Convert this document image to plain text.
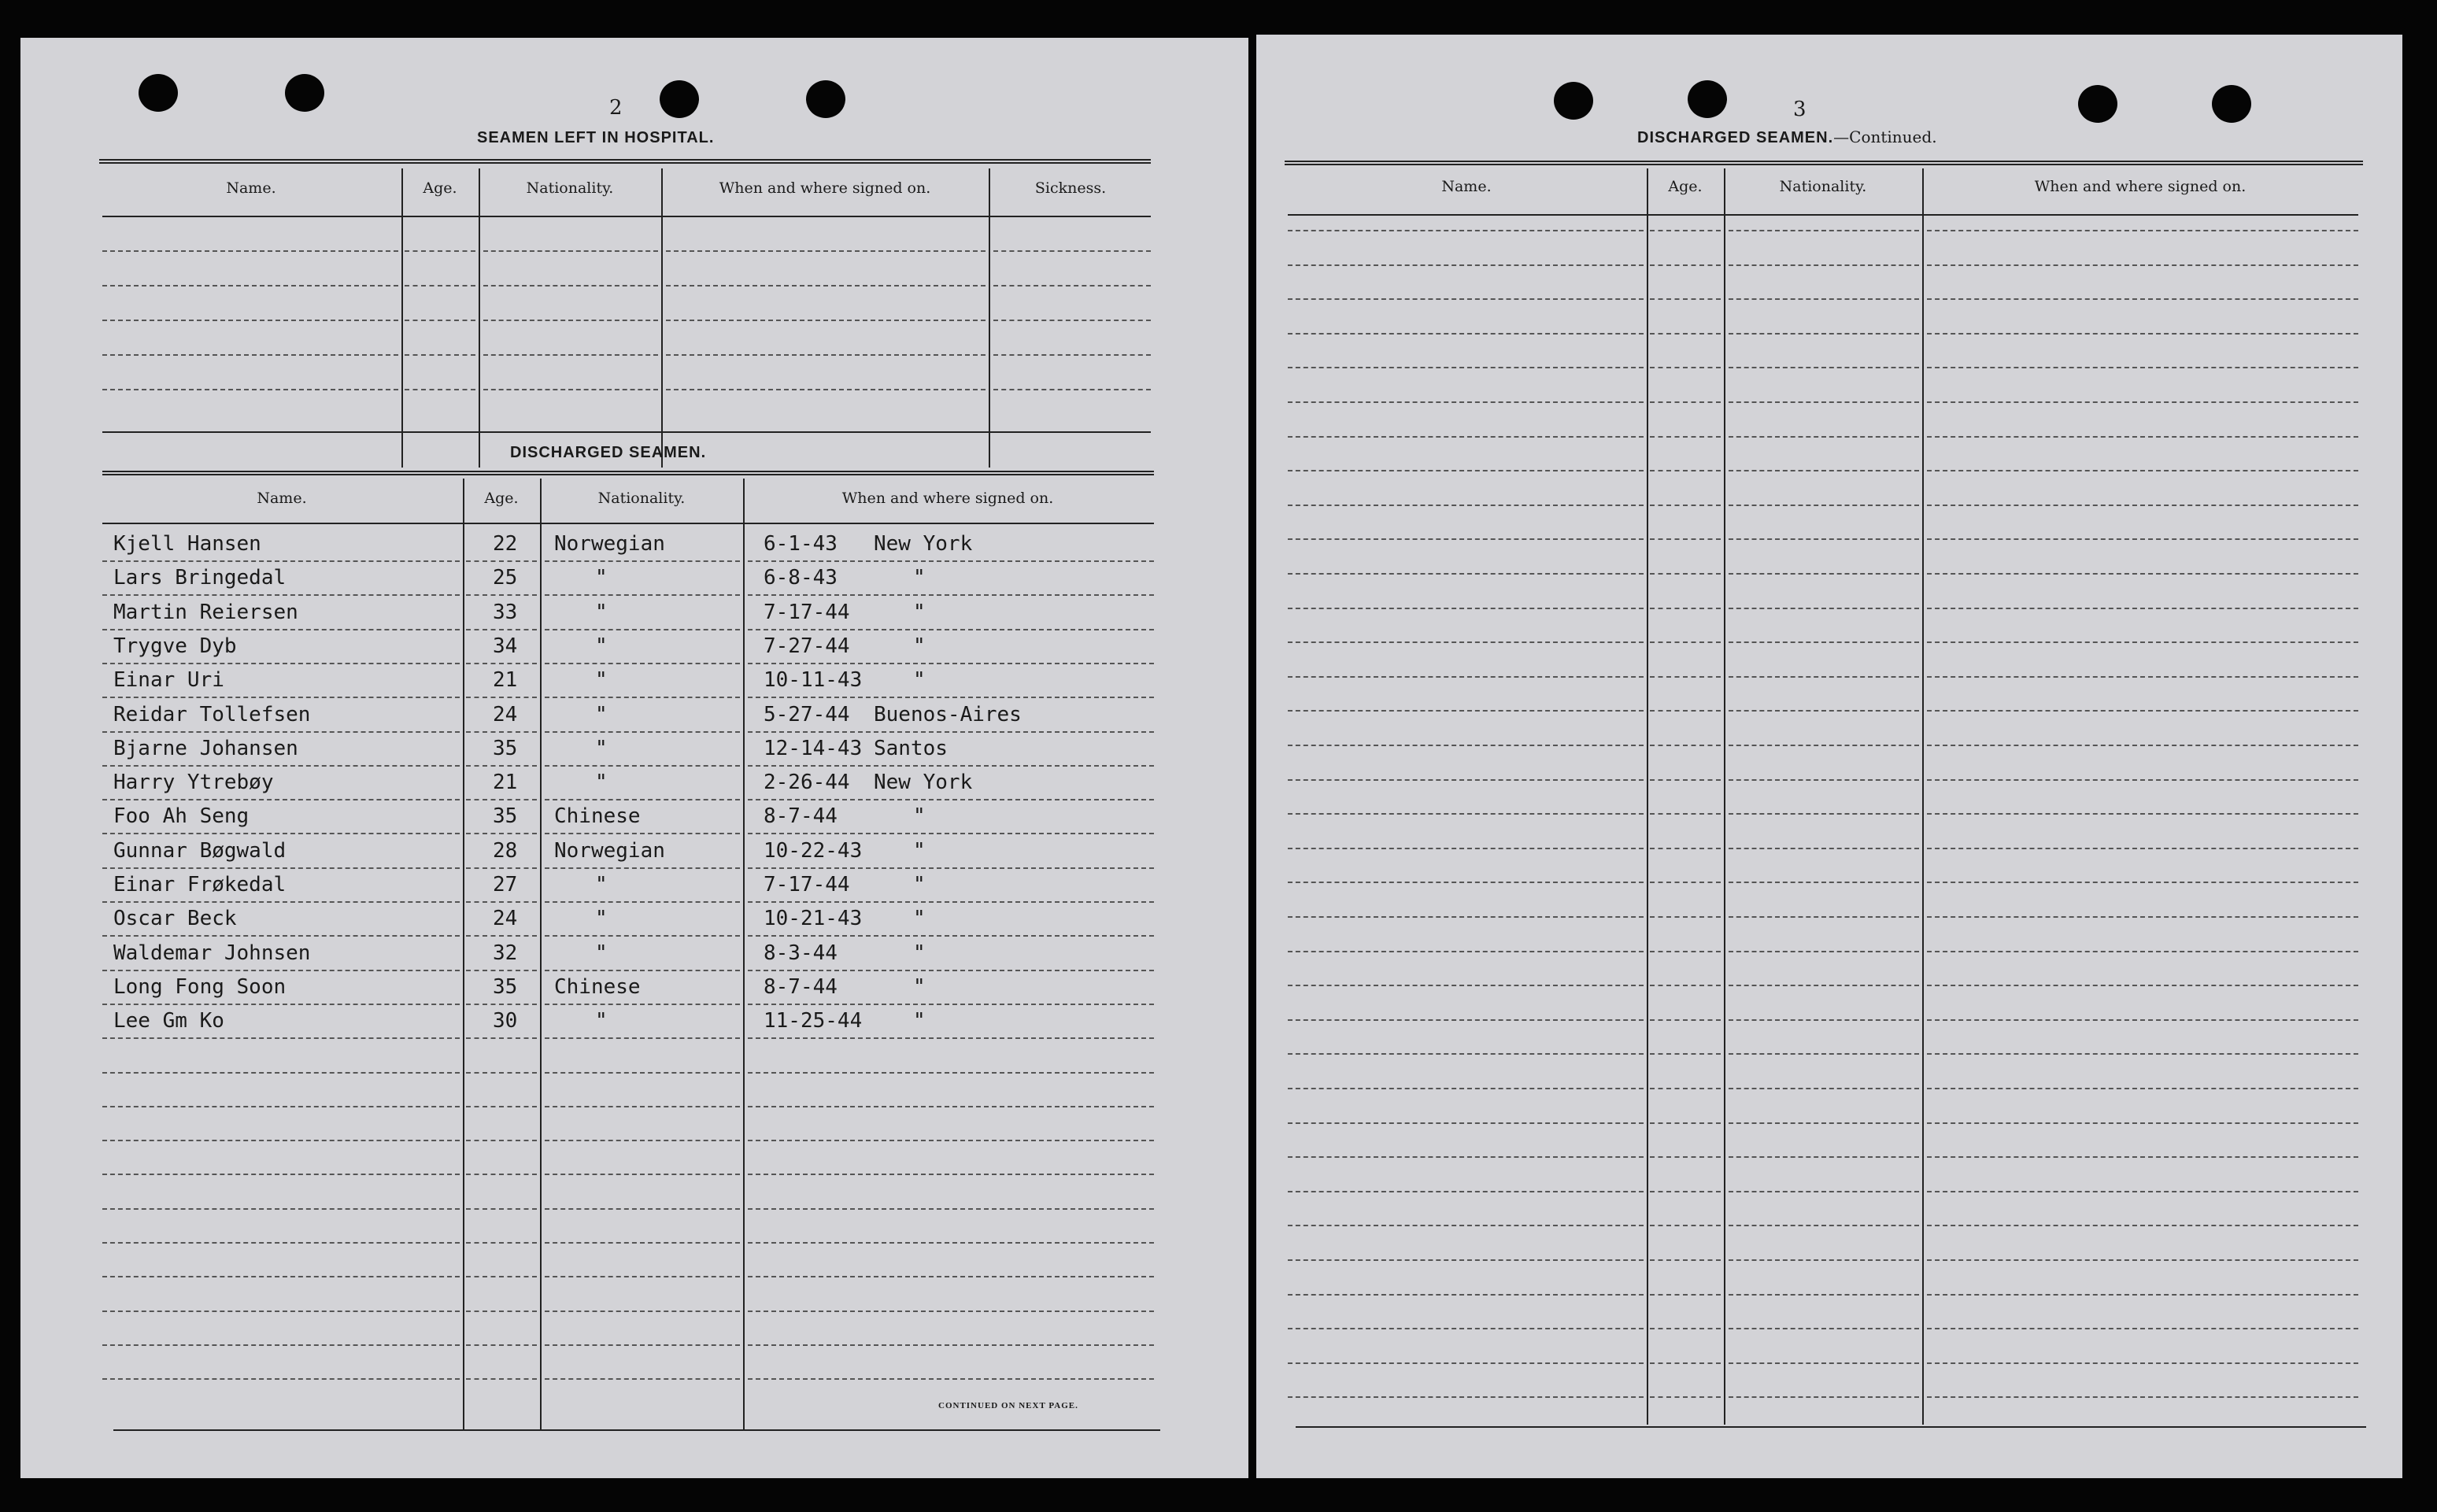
2
SEAMEN LEFT IN HOSPITAL.
Name.	Age.	Nationality.	When and where signed on.	Sickness.
DISCHARGED SEAMEN.
Name.	Age.	Nationality.	When and where signed on.
Kjell Hansen	22 Norwegian	6-1-43 New York
Lars Bringedal	25	"	6-8-43	"
Martin Reiersen	33	"	7-17-44	"
Trygve Dyb	34	"	7-27-44	"
Einar Uri	21	"	10-11-43 "
Reidar Tollefsen	24	"	5-27-44 Buenos-Aires
Bjarne Johansen	35	"	12-14-43 Santos
Harry Ytrebøy	21	"	2-26-44 New York
Foo Ah Seng	35 Chinese	8-7-44	"
Gunnar Bøgwald	28 Norwegian	10-22-43 "
Einar Frøkedal	27	"	7-17-44	"
Oscar Beck	24	"	10-21-43 "
Waldemar Johnsen	32	"	8-3-44	"
Long Fong Soon	35 Chinese	8-7-44	"
Lee Gm Ko	30	"	11-25-44 "
CONTINUED ON NEXT PAGE.
3
DISCHARGED SEAMEN.—Continued.
Name.	Age.	Nationality.	When and where signed on.
